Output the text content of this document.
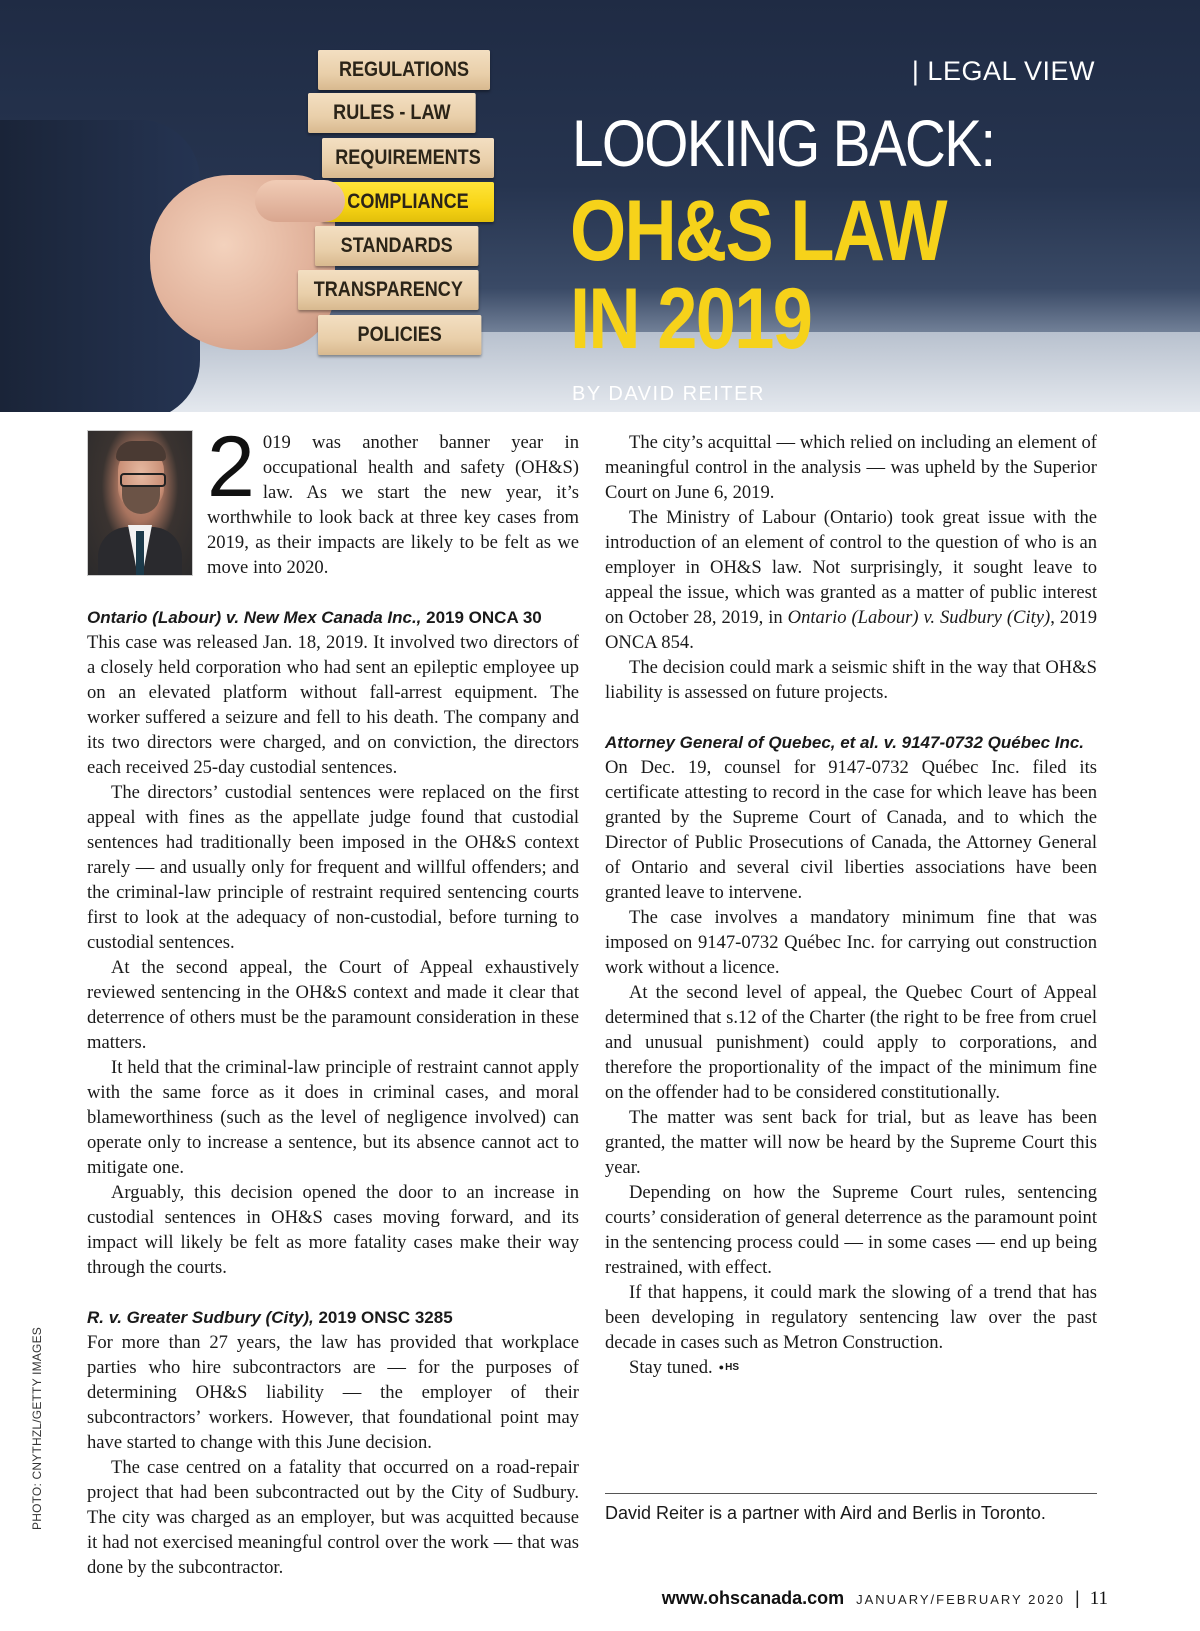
REGULATIONS
RULES - LAW
REQUIREMENTS
COMPLIANCE
STANDARDS
TRANSPARENCY
POLICIES
| LEGAL VIEW
LOOKING BACK:
OH&S LAW
IN 2019
BY DAVID REITER

2 019 was another banner year in occupational health and safety (OH&S) law. As we start the new year, it’s worthwhile to look back at three key cases from 2019, as their impacts are likely to be felt as we move into 2020.

Ontario (Labour) v. New Mex Canada Inc., 2019 ONCA 30

This case was released Jan. 18, 2019. It involved two directors of a closely held corporation who had sent an epileptic employee up on an elevated platform without fall-arrest equipment. The worker suffered a seizure and fell to his death. The company and its two directors were charged, and on conviction, the directors each received 25-day custodial sentences.

The directors’ custodial sentences were replaced on the first appeal with fines as the appellate judge found that custodial sentences had traditionally been imposed in the OH&S context rarely — and usually only for frequent and willful offenders; and the criminal-law principle of restraint required sentencing courts first to look at the adequacy of non-custodial, before turning to custodial sentences.

At the second appeal, the Court of Appeal exhaustively reviewed sentencing in the OH&S context and made it clear that deterrence of others must be the paramount consideration in these matters.

It held that the criminal-law principle of restraint cannot apply with the same force as it does in criminal cases, and moral blameworthiness (such as the level of negligence involved) can operate only to increase a sentence, but its absence cannot act to mitigate one.

Arguably, this decision opened the door to an increase in custodial sentences in OH&S cases moving forward, and its impact will likely be felt as more fatality cases make their way through the courts.

R. v. Greater Sudbury (City), 2019 ONSC 3285

For more than 27 years, the law has provided that workplace parties who hire subcontractors are — for the purposes of determining OH&S liability — the employer of their subcontractors’ workers. However, that foundational point may have started to change with this June decision.

The case centred on a fatality that occurred on a road-repair project that had been subcontracted out by the City of Sudbury. The city was charged as an employer, but was acquitted because it had not exercised meaningful control over the work — that was done by the subcontractor.

The city’s acquittal — which relied on including an element of meaningful control in the analysis — was upheld by the Superior Court on June 6, 2019.

The Ministry of Labour (Ontario) took great issue with the introduction of an element of control to the question of who is an employer in OH&S law. Not surprisingly, it sought leave to appeal the issue, which was granted as a matter of public interest on October 28, 2019, in Ontario (Labour) v. Sudbury (City), 2019 ONCA 854.

The decision could mark a seismic shift in the way that OH&S liability is assessed on future projects.

Attorney General of Quebec, et al. v. 9147-0732 Québec Inc.

On Dec. 19, counsel for 9147-0732 Québec Inc. filed its certificate attesting to record in the case for which leave has been granted by the Supreme Court of Canada, and to which the Director of Public Prosecutions of Canada, the Attorney General of Ontario and several civil liberties associations have been granted leave to intervene.

The case involves a mandatory minimum fine that was imposed on 9147-0732 Québec Inc. for carrying out construction work without a licence.

At the second level of appeal, the Quebec Court of Appeal determined that s.12 of the Charter (the right to be free from cruel and unusual punishment) could apply to corporations, and therefore the proportionality of the impact of the minimum fine on the offender had to be considered constitutionally.

The matter was sent back for trial, but as leave has been granted, the matter will now be heard by the Supreme Court this year.

Depending on how the Supreme Court rules, sentencing courts’ consideration of general deterrence as the paramount point in the sentencing process could — in some cases — end up being restrained, with effect.

If that happens, it could mark the slowing of a trend that has been developing in regulatory sentencing law over the past decade in cases such as Metron Construction.

Stay tuned.● HS

David Reiter is a partner with Aird and Berlis in Toronto.
PHOTO: CNYTHZL/GETTY IMAGES
www.ohscanada.com JANUARY/FEBRUARY 2020 | 11
